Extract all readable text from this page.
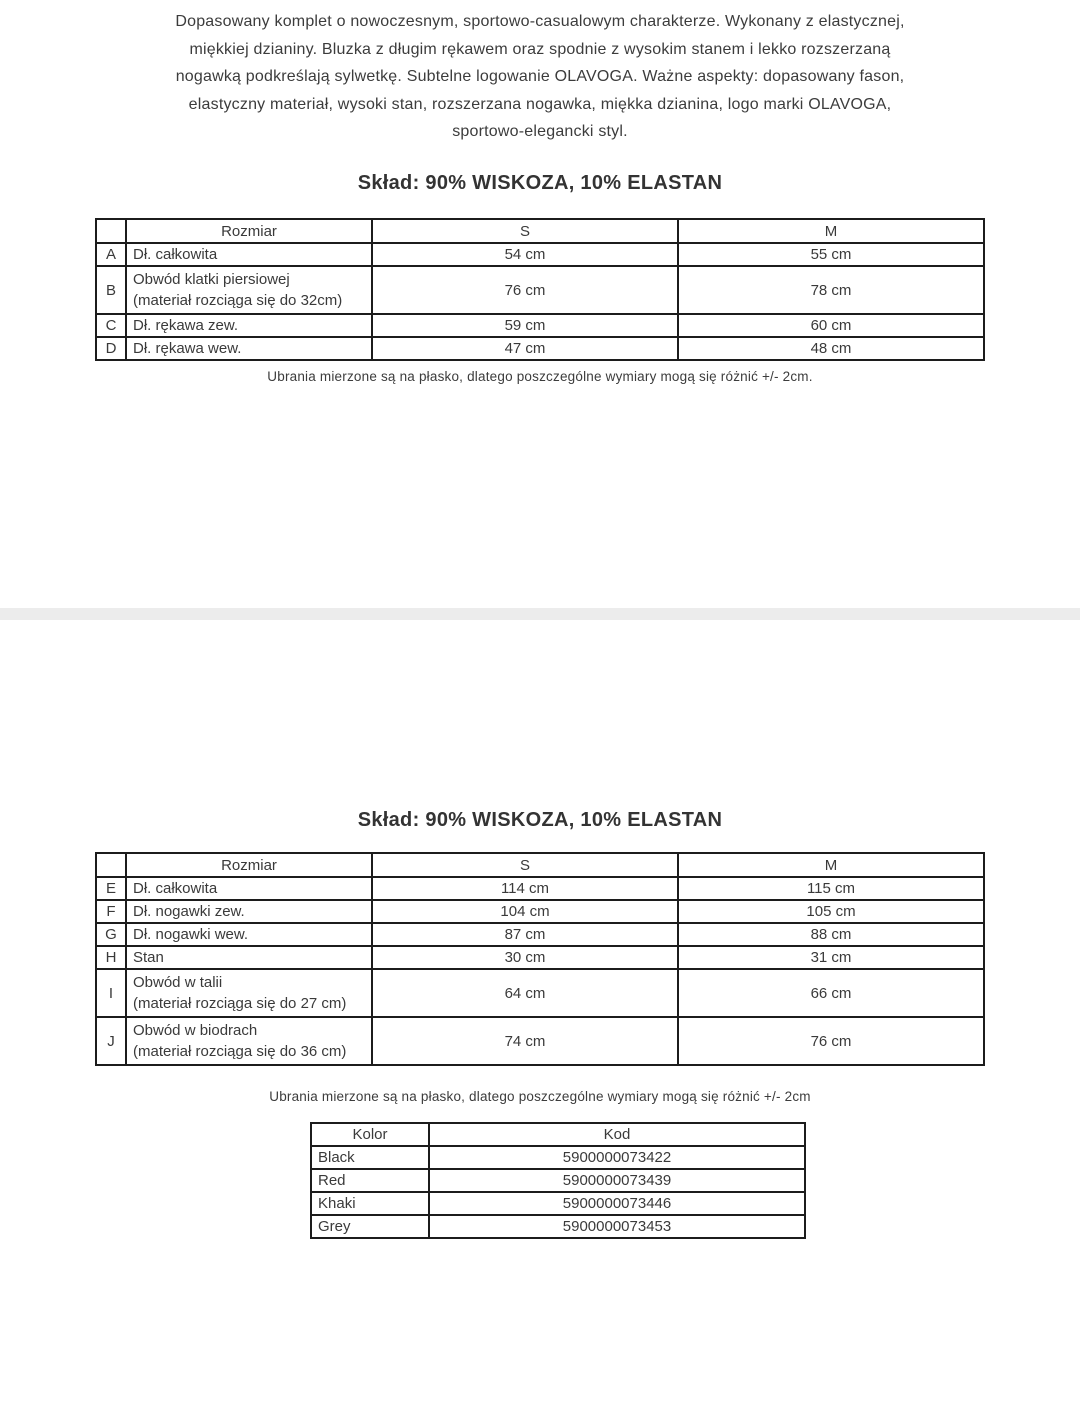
Dopasowany komplet o nowoczesnym, sportowo-casualowym charakterze. Wykonany z elastycznej,
miękkiej dzianiny. Bluzka z długim rękawem oraz spodnie z wysokim stanem i lekko rozszerzaną
nogawką podkreślają sylwetkę. Subtelne logowanie OLAVOGA. Ważne aspekty: dopasowany fason,
elastyczny materiał, wysoki stan, rozszerzana nogawka, miękka dzianina, logo marki OLAVOGA,
sportowo-elegancki styl.
Skład: 90% WISKOZA, 10% ELASTAN
	Rozmiar	S	M
A	Dł. całkowita	54 cm	55 cm
B	Obwód klatki piersiowej
(materiał rozciąga się do 32cm)	76 cm	78 cm
C	Dł. rękawa zew.	59 cm	60 cm
D	Dł. rękawa wew.	47 cm	48 cm
Ubrania mierzone są na płasko, dlatego poszczególne wymiary mogą się różnić +/- 2cm.
Skład: 90% WISKOZA, 10% ELASTAN
	Rozmiar	S	M
E	Dł. całkowita	114 cm	115 cm
F	Dł. nogawki zew.	104 cm	105 cm
G	Dł. nogawki wew.	87 cm	88 cm
H	Stan	30 cm	31 cm
I	Obwód w talii
(materiał rozciąga się do 27 cm)	64 cm	66 cm
J	Obwód w biodrach
(materiał rozciąga się do 36 cm)	74 cm	76 cm
Ubrania mierzone są na płasko, dlatego poszczególne wymiary mogą się różnić +/- 2cm
Kolor	Kod
Black	5900000073422
Red	5900000073439
Khaki	5900000073446
Grey	5900000073453
